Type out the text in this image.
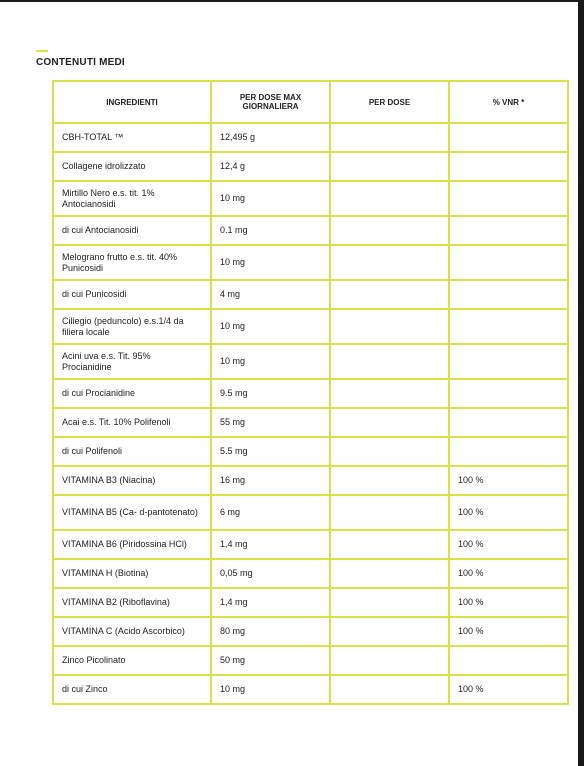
CONTENUTI MEDI
INGREDIENTI	PER DOSE MAX GIORNALIERA	PER DOSE	% VNR *
CBH-TOTAL ™	12,495 g		
Collagene idrolizzato	12,4 g		
Mirtillo Nero e.s. tit. 1% Antocianosidi	10 mg		
di cui Antocianosidi	0.1 mg		
Melograno frutto e.s. tit. 40% Punicosidi	10 mg		
di cui Punicosidi	4 mg		
Ciliegio (peduncolo) e.s.1/4 da filiera locale	10 mg		
Acini uva e.s. Tit. 95% Procianidine	10 mg		
di cui Procianidine	9.5 mg		
Acai e.s. Tit. 10% Polifenoli	55 mg		
di cui Polifenoli	5.5 mg		
VITAMINA B3 (Niacina)	16 mg		100 %
VITAMINA B5 (Ca- d-pantotenato)	6 mg		100 %
VITAMINA B6 (Piridossina HCl)	1,4 mg		100 %
VITAMINA H (Biotina)	0,05 mg		100 %
VITAMINA B2 (Riboflavina)	1,4 mg		100 %
VITAMINA C (Acido Ascorbico)	80 mg		100 %
Zinco Picolinato	50 mg		
di cui Zinco	10 mg		100 %
